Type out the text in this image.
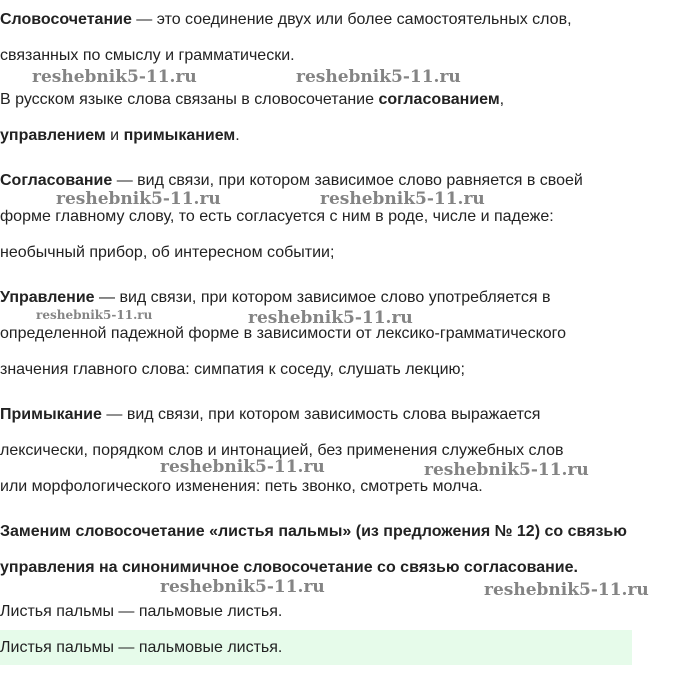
Словосочетание — это соединение двух или более самостоятельных слов,
связанных по смыслу и грамматически.
В русском языке слова связаны в словосочетание согласованием,
управлением и примыканием.
Согласование — вид связи, при котором зависимое слово равняется в своей
форме главному слову, то есть согласуется с ним в роде, числе и падеже:
необычный прибор, об интересном событии;
Управление — вид связи, при котором зависимое слово употребляется в
определенной падежной форме в зависимости от лексико-грамматического
значения главного слова: симпатия к соседу, слушать лекцию;
Примыкание — вид связи, при котором зависимость слова выражается
лексически, порядком слов и интонацией, без применения служебных слов
или морфологического изменения: петь звонко, смотреть молча.
Заменим словосочетание «листья пальмы» (из предложения № 12) со связью
управления на синонимичное словосочетание со связью согласование.
Листья пальмы — пальмовые листья.
Листья пальмы — пальмовые листья.
reshebnik5-11.ru	reshebnik5-11.ru
reshebnik5-11.ru	reshebnik5-11.ru
reshebnik5-11.ru	reshebnik5-11.ru
reshebnik5-11.ru	reshebnik5-11.ru
reshebnik5-11.ru	reshebnik5-11.ru
